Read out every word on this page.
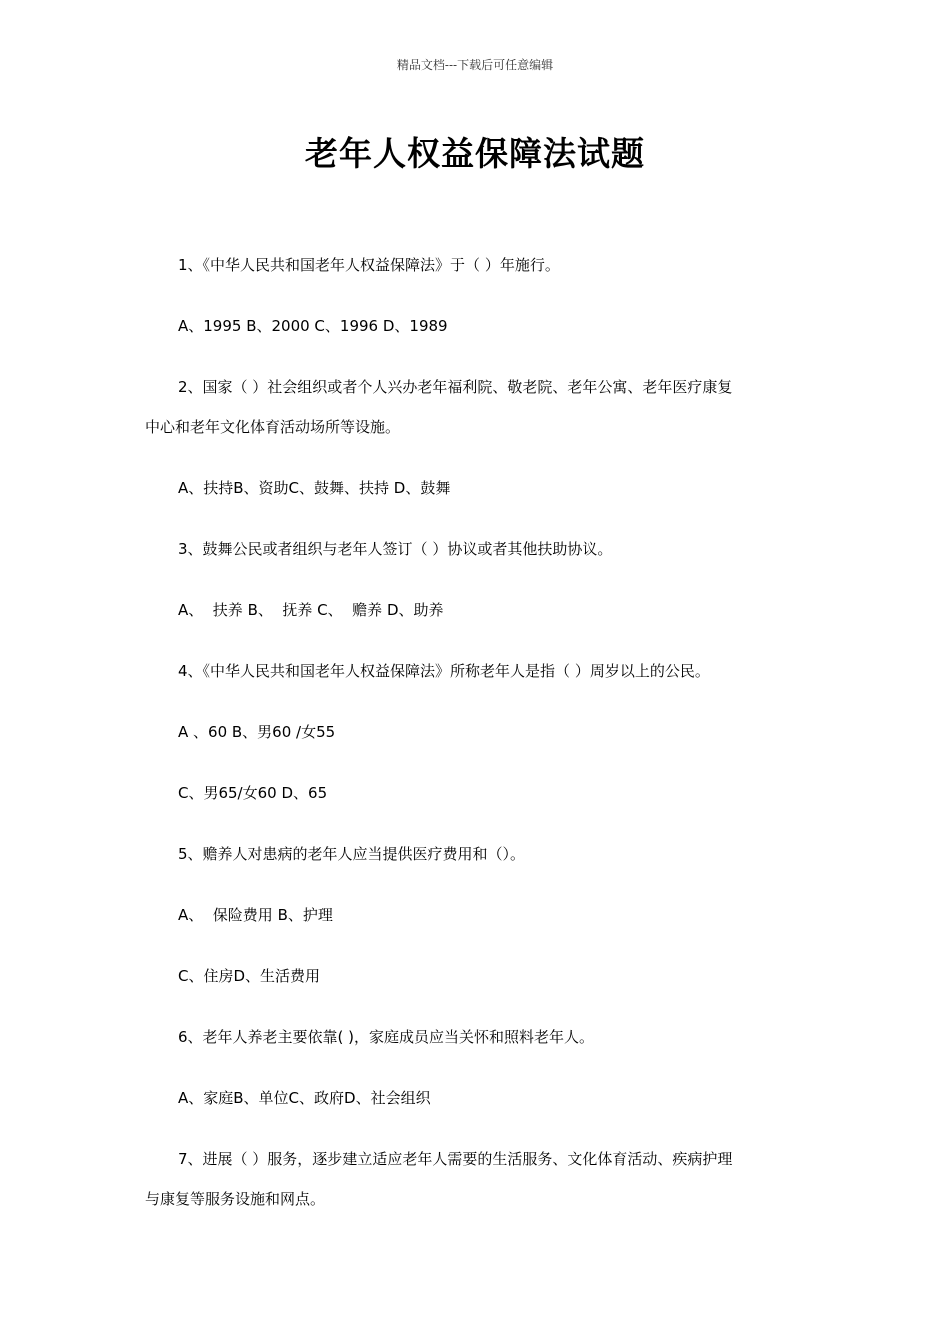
精品文档---下载后可任意编辑
老年人权益保障法试题

1、《中华人民共和国老年人权益保障法》于（ ）年施行。

A、1995 B、2000 C、1996 D、1989

2、国家（ ）社会组织或者个人兴办老年福利院、敬老院、老年公寓、老年医疗康复

中心和老年文化体育活动场所等设施。

A、扶持B、资助C、鼓舞、扶持 D、鼓舞

3、鼓舞公民或者组织与老年人签订（ ）协议或者其他扶助协议。

A、  扶养 B、  抚养 C、  赡养 D、助养

4、《中华人民共和国老年人权益保障法》所称老年人是指（ ）周岁以上的公民。

A 、60 B、男60 /女55

C、男65/女60 D、65

5、赡养人对患病的老年人应当提供医疗费用和（）。

A、  保险费用 B、护理

C、住房D、生活费用

6、老年人养老主要依靠( )，家庭成员应当关怀和照料老年人。

A、家庭B、单位C、政府D、社会组织

7、进展（ ）服务，逐步建立适应老年人需要的生活服务、文化体育活动、疾病护理

与康复等服务设施和网点。
